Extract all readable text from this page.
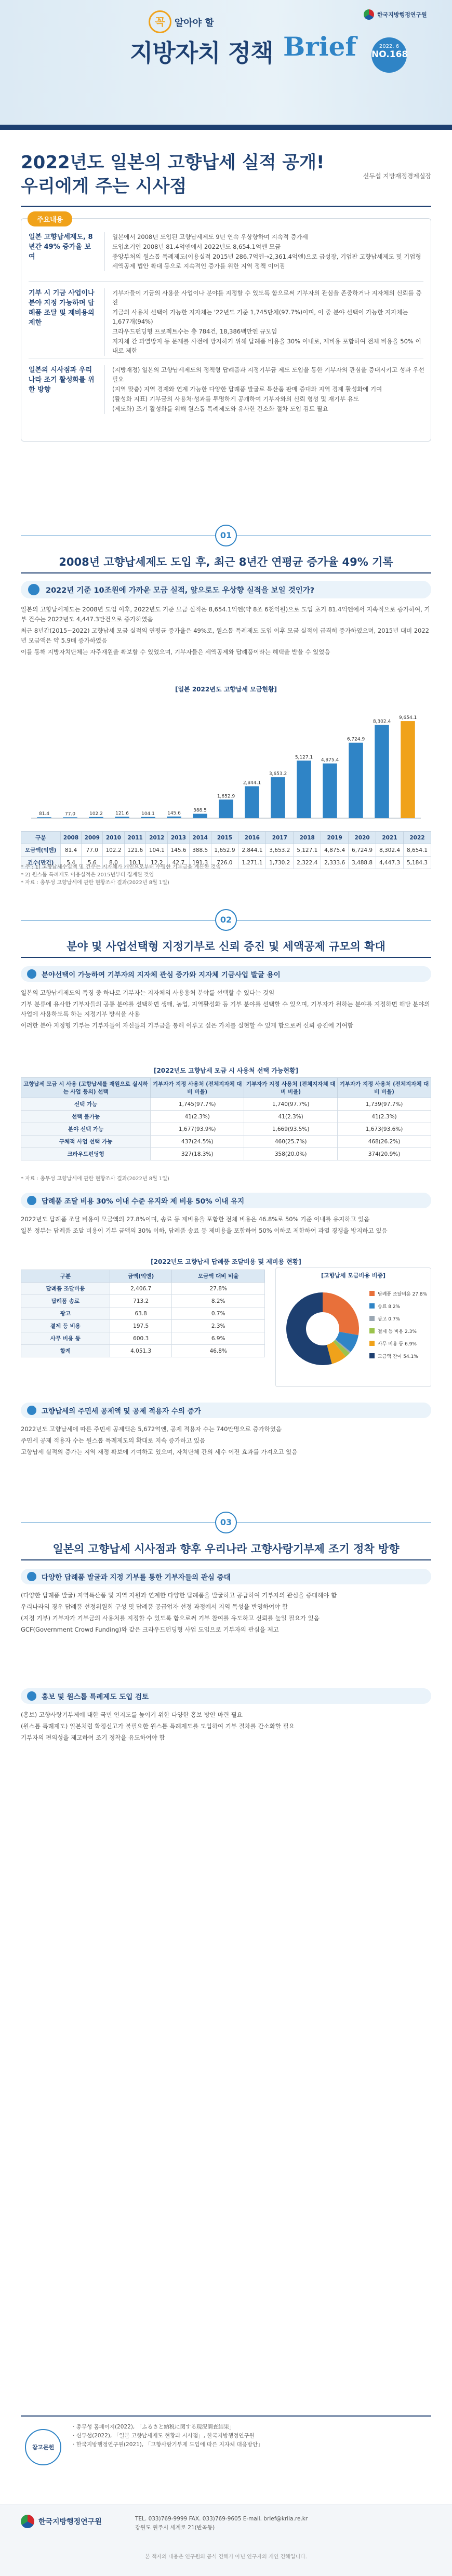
꼭	알아야 할
한국지방행정연구원
지방자치 정책 Brief	2022. 6
NO.168
2022년도 일본의 고향납세 실적 공개!
우리에게 주는 시사점	신두섭 지방재정경제실장
주요내용
일본 고향납세제도, 8년간 49% 증가율 보여

일본에서 2008년 도입된 고향납세제도 9년 연속 우상향하며 지속적 증가세

도입초기인 2008년 81.4억엔에서 2022년도 8,654.1억엔 모금

중앙부처의 원스톱 특례제도(이용실적 2015년 286.7억엔→2,361.4억엔)으로 급성장, 기업판 고향납세제도 및 기업형 세액공제 법안 확대 등으로 지속적인 증가를 위한 지역 정책 이어짐

기부 시 기금 사업이나 분야 지정 가능하며 답례품 조달 및 제비용의 제한

기부자들이 기금의 사용을 사업이나 분야를 지정할 수 있도록 함으로써 기부자의 관심을 존중하거나 지자체의 신뢰를 증진

기금의 사용처 선택이 가능한 지자체는 '22년도 기준 1,745단체(97.7%)이며, 이 중 분야 선택이 가능한 지자체는 1,677개(94%)

크라우드펀딩형 프로젝트수는 총 784건, 18,386백만엔 규모임

지자체 간 과열방지 등 문제를 사전에 방지하기 위해 답례품 비용을 30% 이내로, 제비용 포함하여 전체 비용을 50% 이내로 제한

일본의 시사점과 우리나라 조기 활성화를 위한 방향

(지방재정) 일본의 고향납세제도의 정책형 답례품과 지정기부금 제도 도입을 통한 기부자의 관심을 증대시키고 성과 우선 필요

(지역 맞춤) 지역 경제와 연계 가능한 다양한 답례품 발굴로 특산품 판매 증대와 지역 경제 활성화에 기여

(활성화 지표) 기부금의 사용처·성과를 투명하게 공개하여 기부자와의 신뢰 형성 및 재기부 유도

(제도화) 조기 활성화를 위해 원스톱 특례제도와 유사한 간소화 절차 도입 검토 필요

01
2008년 고향납세제도 도입 후, 최근 8년간 연평균 증가율 49% 기록
2022년 기준 10조원에 가까운 모금 실적, 앞으로도 우상향 실적을 보일 것인가?

일본의 고향납세제도는 2008년 도입 이후, 2022년도 기준 모금 실적은 8,654.1억엔(약 8조 6천억원)으로 도입 초기 81.4억엔에서 지속적으로 증가하여, 기부 건수는 2022년도 4,447.3만건으로 증가하였음

최근 8년간(2015~2022) 고향납세 모금 실적의 연평균 증가율은 49%로, 원스톱 특례제도 도입 이후 모금 실적이 급격히 증가하였으며, 2015년 대비 2022년 모금액은 약 5.9배 증가하였음

이를 통해 지방자치단체는 자주재원을 확보할 수 있었으며, 기부자들은 세액공제와 답례품이라는 혜택을 받을 수 있었음

[일본 2022년도 고향납세 모금현황]
81.4	77.0	102.2	121.6	104.1	145.6
388.5
1,652.9
2,844.1
3,653.2
5,127.1
4,875.4
6,724.9
8,302.4
9,654.1
구분	2008	2009	2010	2011	2012	2013	2014	2015	2016	2017	2018	2019	2020	2021	2022
모금액(억엔)	81.4	77.0	102.2	121.6	104.1	145.6	388.5	1,652.9	2,844.1	3,653.2	5,127.1	4,875.4	6,724.9	8,302.4	8,654.1
건수(만건)	5.4	5.6	8.0	10.1	12.2	42.7	191.3	726.0	1,271.1	1,730.2	2,322.4	2,333.6	3,488.8	4,447.3	5,184.3
* 주 : 1) 고향납세수입액 및 건수는 지자체가 개인으로부터 수령한 기부금을 계산한 것임
* 2) 원스톱 특례제도 이용실적은 2015년부터 집계된 것임
* 자료 : 총무성 고향납세에 관한 현황조사 결과(2022년 8월 1일)
02
분야 및 사업선택형 지정기부로 신뢰 증진 및 세액공제 규모의 확대
분야선택이 가능하여 기부자의 지자체 관심 증가와 지자체 기금사업 발굴 용이

일본의 고향납세제도의 특징 중 하나로 기부자는 지자체의 사용용처 분야를 선택할 수 있다는 것임

기부 분류에 유사한 기부자들의 공통 분야를 선택하면 생태, 농업, 지역활성화 등 기부 분야를 선택할 수 있으며, 기부자가 원하는 분야를 지정하면 해당 분야의 사업에 사용하도록 하는 지정기부 방식을 사용

이러한 분야 지정형 기부는 기부자들이 자신들의 기부금을 통해 이루고 싶은 가치를 실현할 수 있게 함으로써 신뢰 증진에 기여함

[2022년도 고향납세 모금 시 사용처 선택 가능현황]
고향납세 모금 시 사용 (고향납세를 재원으로 실시하는 사업 등의) 선택	기부자가 지정 사용처 (전체지자체 대비 비율)	기부자가 지정 사용처 (전체지자체 대비 비율)	기부자가 지정 사용처 (전체지자체 대비 비율)
선택 가능	1,745(97.7%)	1,740(97.7%)	1,739(97.7%)
선택 불가능	41(2.3%)	41(2.3%)	41(2.3%)
분야 선택 가능	1,677(93.9%)	1,669(93.5%)	1,673(93.6%)
구체적 사업 선택 가능	437(24.5%)	460(25.7%)	468(26.2%)
크라우드펀딩형	327(18.3%)	358(20.0%)	374(20.9%)
* 자료 : 총무성 고향납세에 관한 현황조사 결과(2022년 8월 1일)
답례품 조달 비용 30% 이내 수준 유지와 제 비용 50% 이내 유지

2022년도 답례품 조달 비용이 모금액의 27.8%이며, 송료 등 제비용을 포함한 전체 비용은 46.8%로 50% 기준 이내를 유지하고 있음

일본 정부는 답례품 조달 비용이 기부 금액의 30% 이하, 답례품 송료 등 제비용을 포함하여 50% 이하로 제한하여 과열 경쟁을 방지하고 있음

[2022년도 고향납세 답례품 조달비용 및 제비용 현황]
구분	금액(억엔)	모금액 대비 비율
답례품 조달비용	2,406.7	27.8%
답례품 송료	713.2	8.2%
광고	63.8	0.7%
결제 등 비용	197.5	2.3%
사무 비용 등	600.3	6.9%
합계	4,051.3	46.8%
[고향납세 모금비용 비중]
답례품 조달비용 27.8%
송료 8.2%
광고 0.7%
결제 등 비용 2.3%
사무 비용 등 6.9%
모금액 잔여 54.1%
고향납세의 주민세 공제액 및 공제 적용자 수의 증가

2022년도 고향납세에 따른 주민세 공제액은 5,672억엔, 공제 적용자 수는 740만명으로 증가하였음

주민세 공제 적용자 수는 원스톱 특례제도의 확대로 지속 증가하고 있음

고향납세 실적의 증가는 지역 재정 확보에 기여하고 있으며, 자치단체 간의 세수 이전 효과를 가져오고 있음

03
일본의 고향납세 시사점과 향후 우리나라 고향사랑기부제 조기 정착 방향
다양한 답례품 발굴과 지정 기부를 통한 기부자들의 관심 증대

(다양한 답례품 발굴) 지역특산품 및 지역 자원과 연계한 다양한 답례품을 발굴하고 공급하여 기부자의 관심을 증대해야 함

우리나라의 경우 답례품 선정위원회 구성 및 답례품 공급업자 선정 과정에서 지역 특성을 반영하여야 함

(지정 기부) 기부자가 기부금의 사용처를 지정할 수 있도록 함으로써 기부 참여를 유도하고 신뢰를 높일 필요가 있음

GCF(Government Crowd Funding)와 같은 크라우드펀딩형 사업 도입으로 기부자의 관심을 제고

홍보 및 원스톱 특례제도 도입 검토

(홍보) 고향사랑기부제에 대한 국민 인지도를 높이기 위한 다양한 홍보 방안 마련 필요

(원스톱 특례제도) 일본처럼 확정신고가 불필요한 원스톱 특례제도를 도입하여 기부 절차를 간소화할 필요

기부자의 편의성을 제고하여 조기 정착을 유도하여야 함

참고문헌
· 총무성 홈페이지(2022), 「ふるさと納税に関する現況調査結果」
· 신두섭(2022), 「일본 고향납세제도 현황과 시사점」, 한국지방행정연구원
· 한국지방행정연구원(2021), 「고향사랑기부제 도입에 따른 지자체 대응방안」
한국지방행정연구원	TEL. 033)769-9999 FAX. 033)769-9605 E-mail. brief@krila.re.kr
강원도 원주시 세계로 21(반곡동)
본 책자의 내용은 연구원의 공식 견해가 아닌 연구자의 개인 견해입니다.
